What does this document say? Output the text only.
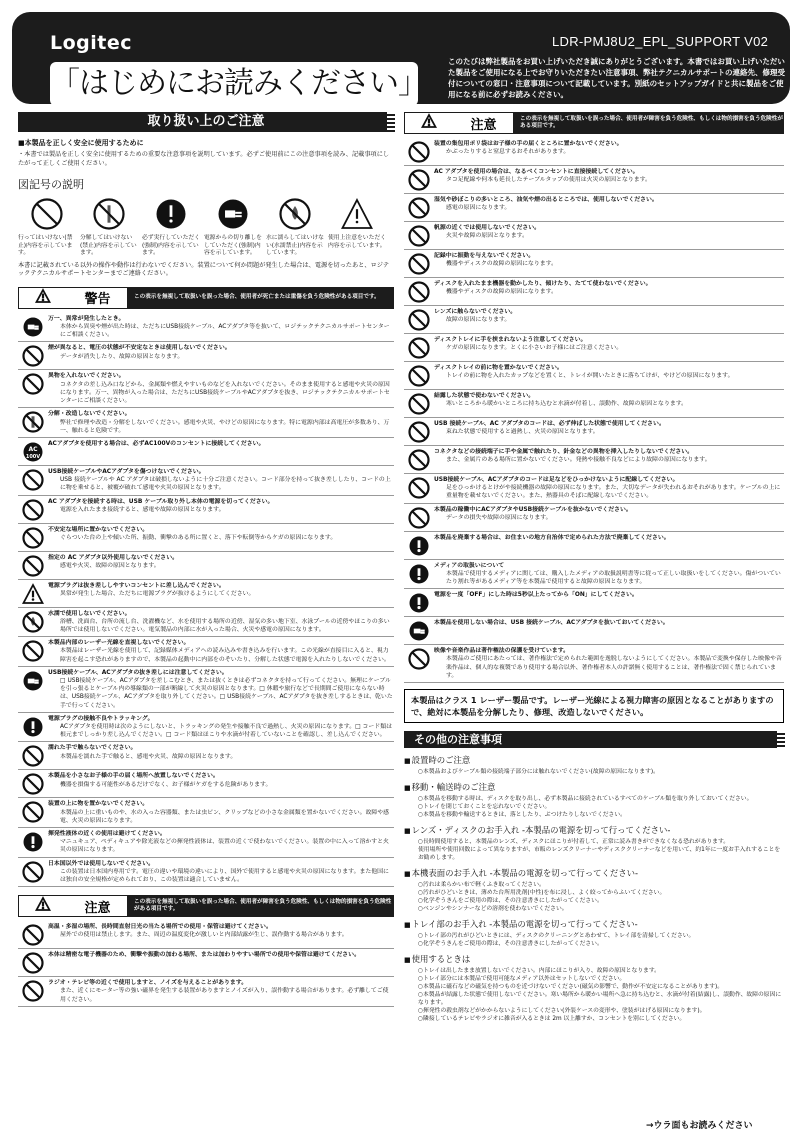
Logitec
「はじめにお読みください」
LDR-PMJ8U2_EPL_SUPPORT V02
このたびは弊社製品をお買い上げいただき誠にありがとうございます。本書ではお買い上げいただいた製品をご使用になる上でお守りいただきたい注意事項、弊社テクニカルサポートの連絡先、修理受付についての窓口・注意事項について記載しています。別紙のセットアップガイドと共に製品をご使用になる前に必ずお読みください。
取り扱い上のご注意
■本製品を正しく安全に使用するために
・本書では製品を正しく安全に使用するための重要な注意事項を説明しています。必ずご使用前にこの注意事項を読み、記載事項にしたがって正しくご使用ください。
図記号の説明
行ってはいけない(禁止)内容を示しています。
分解してはいけない(禁止)内容を示しています。
必ず実行していただく(強制)内容を示しています。
電源からの切り離しをしていただく(強制)内容を示しています。
水に濡らしてはいけない(水濡禁止)内容を示しています。
使用上注意をいただく内容を示しています。
本書に記載されている以外の操作や動作は行わないでください。装置について何か問題が発生した場合は、電源を切ったあと、ロジテックテクニカルサポートセンターまでご連絡ください。
警告	この表示を無視して取扱いを誤った場合、使用者が死亡または重傷を負う危険性がある項目です。
万一、異常が発生したとき。
本体から異臭や煙が出た時は、ただちにUSB接続ケーブル、ACアダプタ等を抜いて、ロジテックテクニカルサポートセンターにご相談ください。
煙が異なると、電圧の状態が不安定なときは使用しないでください。
データが消失したり、故障の原因となります。
異物を入れないでください。
コネクタの差し込み口などから、金属類や燃えやすいものなどを入れないでください。そのまま使用すると感電や火災の原因になります。万一、異物が入った場合は、ただちにUSB接続ケーブルやACアダプタを抜き、ロジテックテクニカルサポートセンターにご相談ください。
分解・改造しないでください。
弊社で修理や改造・分解をしないでください。感電や火災、やけどの原因になります。特に電源内部は高電圧が多数あり、万一、触れると危険です。
AC
100V
ACアダプタを使用する場合は、必ずAC100Vのコンセントに接続してください。
USB接続ケーブルやACアダプタを傷つけないでください。
USB 接続ケーブルや AC アダプタは破損しないように十分ご注意ください。コード部分を持って抜き差ししたり、コードの上に物を乗せると、被覆が破れて感電や火災の原因となります。
AC アダプタを接続する時は、USB ケーブル取り外し本体の電源を切ってください。
電源を入れたまま接続すると、感電や故障の原因となります。
不安定な場所に置かないでください。
ぐらついた台の上や傾いた所、振動、衝撃のある所に置くと、落下や転倒等からケガの原因になります。
指定の AC アダプタ以外使用しないでください。
感電や火災、故障の原因となります。
電源プラグは抜き差ししやすいコンセントに差し込んでください。
異常が発生した場合、ただちに電源プラグが抜けるようにしてください。
水濡で使用しないでください。
浴槽、洗面台、台所の流し台、洗濯機など、水を使用する場所の近傍、湿気の多い地下室、水泳プールの近傍やほこりの多い場所では使用しないでください。電気製品の内部に水が入った場合、火災や感電の原因になります。
本製品内部のレーザー光線を直視しないでください。
本製品はレーザー光線を使用して、記録媒体メディアへの読み込みや書き込みを行います。この光線が直接目に入ると、視力障害を起こす恐れがありますので、本製品の起動中に内部をのぞいたり、分解した状態で電源を入れたりしないでください。
USB接続ケーブル、ACアダプタの抜き差しには注意してください。
□ USB接続ケーブル、ACアダプタを差しこむとき、または抜くときは必ずコネクタを持って行ってください。無理にケーブルを引っ張るとケーブル内の導線類の一部が断線して火災の原因となります。□ 休暇や旅行などで長期間ご使用にならない時は、USB接続ケーブル、ACアダプタを取り外してください。□ USB接続ケーブル、ACアダプタを抜き差しするときは、乾いた手で行ってください。
電源プラグの接触不良やトラッキング。
ACアダプタを使用時は次のようにしないと、トラッキングの発生や接触不良で過熱し、火災の原因になります。□ コード類は根元までしっかり差し込んでください。□ コード類はほこりや水滴が付着していないことを確認し、差し込んでください。
濡れた手で触らないでください。
本製品を濡れた手で触ると、感電や火災、故障の原因となります。
本製品を小さなお子様の手の届く場所へ放置しないでください。
機器を損傷する可能性があるだけでなく、お子様がケガをする危険があります。
装置の上に物を置かないでください。
本製品の上に重いものや、水の入った容器類、または虫ピン、クリップなどの小さな金属類を置かないでください。故障や感電、火災の原因になります。
揮発性液体の近くの使用は避けてください。
マニュキュア、ペディキュアや除光液などの揮発性液体は、装置の近くで使わないでください。装置の中に入って溶かすと火災の原因になります。
日本国以外では使用しないでください。
この装置は日本国内専用です。電圧の違いや環境の違いにより、国外で使用すると感電や火災の原因になります。また他国には独自の安全規格が定められており、この装置は適合していません。
注意	この表示を無視して取扱いを誤った場合、使用者が障害を負う危険性、もしくは物的損害を負う危険性がある項目です。
高温・多湿の場所、長時間直射日光の当たる場所での使用・保管は避けてください。
屋外での使用は禁止します。また、周辺の温度変化が激しいと内部結露が生じ、誤作動する場合があります。
本体は精密な電子機器のため、衝撃や振動の加わる場所、または加わりやすい場所での使用や保管は避けてください。
ラジオ・テレビ等の近くで使用しますと、ノイズを与えることがあります。
また、近くにモーター等の強い磁界を発生する装置がありますとノイズが入り、誤作動する場合があります。必ず離してご使用ください。
注意	この表示を無視して取扱いを誤った場合、使用者が障害を負う危険性、もしくは物的損害を負う危険性がある項目です。
装置の集包用ポリ袋はお子様の手の届くところに置かないでください。
かぶったりすると窒息するおそれがあります。
AC アダプタを使用の場合は、なるべくコンセントに直接接続してください。
タコ足配線や何本も延長したテーブルタップの使用は火災の原因となります。
湿気や砂ぼこりの多いところ、油気や煙の出るところでは、使用しないでください。
感電の原因になります。
帆源の近くでは使用しないでください。
火災や故障の原因となります。
記録中に振動を与えないでください。
機器やディスクの故障の原因になります。
ディスクを入れたまま機器を動かしたり、傾けたり、たてて使わないでください。
機器やディスクの故障の原因になります。
レンズに触らないでください。
故障の原因になります。
ディスクトレイに手を挟まれないよう注意してください。
ケガの原因になります。とくに小さいお子様にはご注意ください。
ディスクトレイの前に物を置かないでください。
トレイの前に物を入れたカップなどを置くと、トレイが開いたときに落ちてけが、やけどの原因になります。
結露した状態で使わないでください。
寒いところから暖かいところに持ち込むと水滴が付着し、誤動作、故障の原因となります。
USB 接続ケーブル、AC アダプタのコードは、必ず伸ばした状態で使用してください。
束ねた状態で使用すると過熱し、火災の原因となります。
コネクタなどの接続端子に手や金属で触れたり、針金などの異物を挿入したりしないでください。
また、金属片のある場所に置かないでください。発熱や接触不良などにより故障の原因になります。
USB接続ケーブル、ACアダプタのコードは足などをひっかけないように配線してください。
足をひっかけるとけがや接続機器の故障の原因になります。また、大切なデータが失われるおそれがあります。ケーブルの上に重量物を載せないでください。また、熱器具のそばに配線しないでください。
本製品の稼働中にACアダプタやUSB接続ケーブルを抜かないでください。
データの損失や故障の原因になります。
本製品を廃棄する場合は、お住まいの地方自治体で定められた方法で廃棄してください。
メディアの取扱いについて
本製品で使用するメディアに関しては、購入したメディアの取扱説明書等に従って正しい取扱いをしてください。傷がついていたり割れ等があるメディア等を本製品で使用すると故障の原因となります。
電源を一度「OFF」にした時は5秒以上たってから「ON」にしてください。
本製品を使用しない場合は、USB 接続ケーブル、ACアダプタを抜いておいてください。
映像や音楽作品は著作権法の保護を受けています。
本製品のご使用にあたっては、著作権法で定められた範囲を逸脱しないようにしてください。本製品で変換や保存した映像や音楽作品は、個人的な複製であり使用する場合以外、著作権者本人の許諾無く使用することは、著作権法で固く禁じられています。
本製品はクラス 1 レーザー製品です。レーザー光線による視力障害の原因となることがありますので、絶対に本製品を分解したり、修理、改造しないでください。
その他の注意事項
■ 設置時のご注意
○本製品およびケーブル類の接続端子部分には触れないでください(故障の原因になります)。
■ 移動・輸送時のご注意
○本製品を移動する時は、ディスクを取り出し、必ず本製品に接続されているすべてのケーブル類を取り外しておいてください。
○トレイを閉じておくことを忘れないでください。
○本製品を移動や輸送するときは、落としたり、ぶつけたりしないでください。
■ レンズ・ディスクのお手入れ ‐本製品の電源を切って行ってください‐
○長時間使用すると、本製品のレンズ、ディスクにほこりが付着して、正常に読み書きができなくなる恐れがあります。
使用場所や使用回数によって異なりますが、市販のレンズクリーナーやディスククリーナーなどを用いて、約1年に一度お手入れすることをお勧めします。
■ 本機表面のお手入れ ‐本製品の電源を切って行ってください‐
○汚れは柔らかい布で軽くふき取ってください。
○汚れがひどいときは、薄めた台所用洗剤(中性)を布に浸し、よく絞ってからふいてください。
○化学ぞうきんをご使用の際は、その注意書きにしたがってください。
○ベンジンやシンナーなどの溶剤を使わないでください。
■ トレイ部のお手入れ ‐本製品の電源を切って行ってください‐
○トレイ部の汚れがひどいときには、ディスクのクリーニングとあわせて、トレイ部を清掃してください。
○化学ぞうきんをご使用の際は、その注意書きにしたがってください。
■ 使用するときは
○トレイは出したまま放置しないでください。内部にほこりが入り、故障の原因となります。
○トレイ部分には本製品で使用可能なメディア以外はセットしないでください。
○本製品に磁石などの磁気を持つものを近づけないでください(磁気の影響で、動作が不安定になることがあります)。
○本製品が結露した状態で使用しないでください。寒い場所から暖かい場所へ急に持ち込むと、水滴が付着(結露)し、誤動作、故障の原因になります。
○揮発性の殺虫剤などがかからないようにしてください(外装ケースの変形や、塗装がはげる原因になります)。
○隣接しているテレビやラジオに雑音が入るときは 2m 以上離すか、コンセントを別にしてください。
→ウラ面もお読みください
